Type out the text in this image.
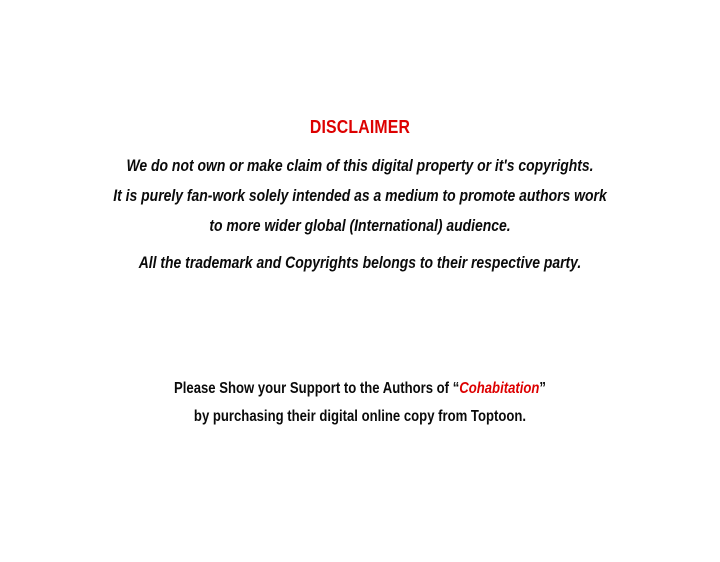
DISCLAIMER

We do not own or make claim of this digital property or it's copyrights.
It is purely fan-work solely intended as a medium to promote authors work
to more wider global (International) audience.

All the trademark and Copyrights belongs to their respective party.

Please Show your Support to the Authors of “Cohabitation”
by purchasing their digital online copy from Toptoon.
